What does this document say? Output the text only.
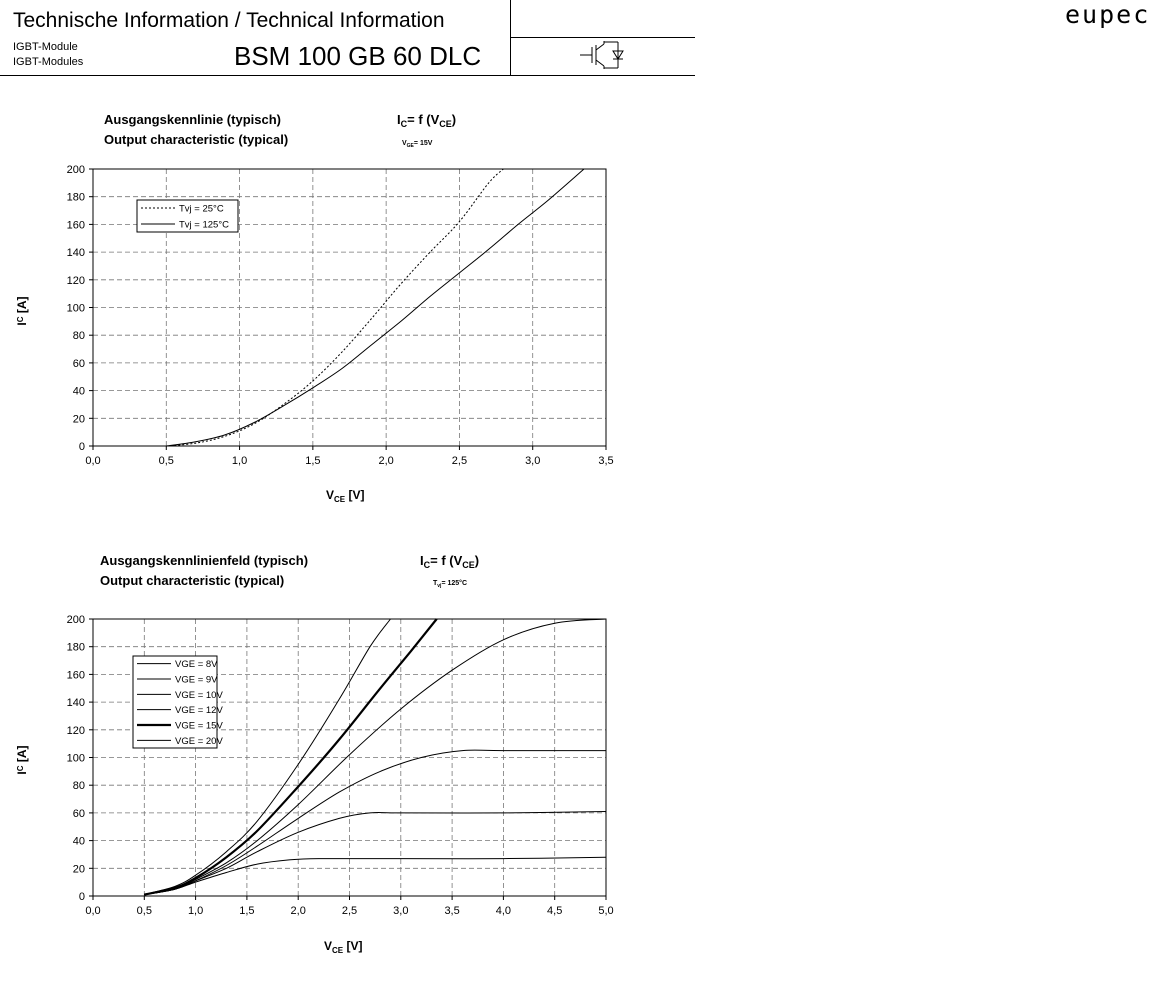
Technische Information / Technical Information
IGBT-Module
IGBT-Modules	BSM 100 GB 60 DLC
eupec
Ausgangskennlinie (typisch)
Output characteristic (typical)
$I_C= f$ $(V_{CE})$
$V_{GE}= 15V$
0,0	0,5	1,0	1,5	2,0	2,5	3,0	3,5
0
20
40
60
80
100
120
140
160
180
200
Tvj = 25°C
Tvj = 125°C
$V_{CE}$ [V]
$I^C$ [A]
Ausgangskennlinienfeld (typisch)
Output characteristic (typical)
$I_C= f$ $(V_{CE})$
$T_{vj}= 125^\circ C$
0,0	0,5	1,0	1,5	2,0	2,5	3,0	3,5	4,0	4,5	5,0
0
20
40
60
80
100
120
140
160
180
200
VGE = 8V
VGE = 9V
VGE = 10V
VGE = 12V
VGE = 15V
VGE = 20V
$V_{CE}$ [V]
$I^C$ [A]
